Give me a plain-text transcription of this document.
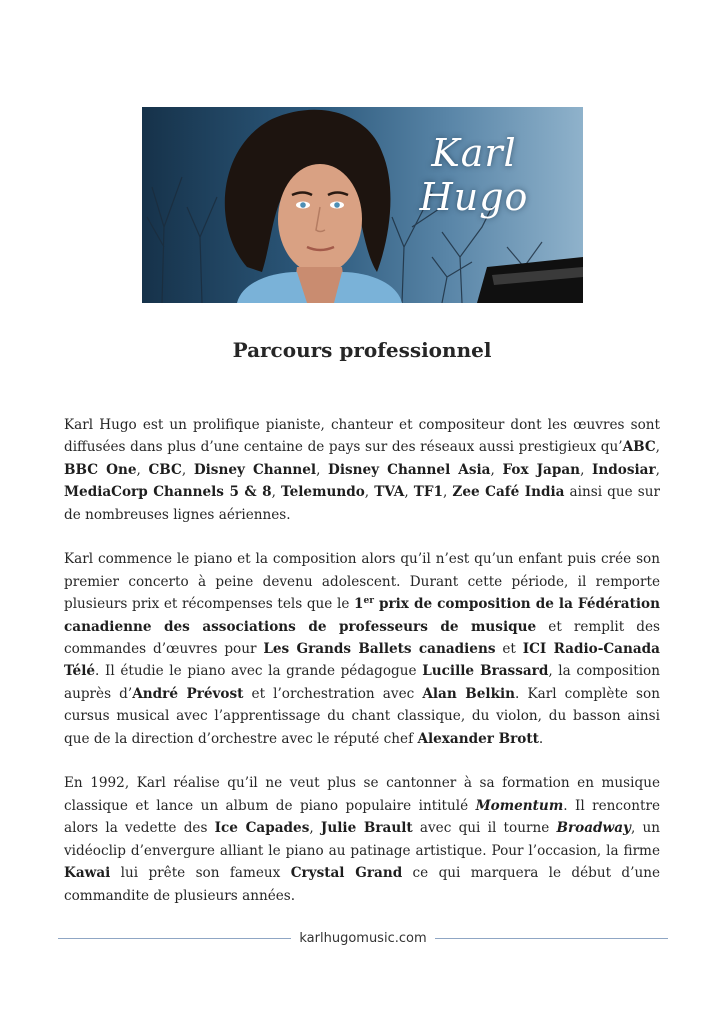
Karl Hugo
Parcours professionnel

Karl Hugo est un prolifique pianiste, chanteur et compositeur dont les œuvres sont diffusées dans plus d’une centaine de pays sur des réseaux aussi prestigieux qu’ABC, BBC One, CBC, Disney Channel, Disney Channel Asia, Fox Japan, Indosiar, MediaCorp Channels 5 & 8, Telemundo, TVA, TF1, Zee Café India ainsi que sur de nombreuses lignes aériennes.

Karl commence le piano et la composition alors qu’il n’est qu’un enfant puis crée son premier concerto à peine devenu adolescent. Durant cette période, il remporte plusieurs prix et récompenses tels que le 1er prix de composition de la Fédération canadienne des associations de professeurs de musique et remplit des commandes d’œuvres pour Les Grands Ballets canadiens et ICI Radio-Canada Télé. Il étudie le piano avec la grande pédagogue Lucille Brassard, la composition auprès d’André Prévost et l’orchestration avec Alan Belkin. Karl complète son cursus musical avec l’apprentissage du chant classique, du violon, du basson ainsi que de la direction d’orchestre avec le réputé chef Alexander Brott.

En 1992, Karl réalise qu’il ne veut plus se cantonner à sa formation en musique classique et lance un album de piano populaire intitulé Momentum. Il rencontre alors la vedette des Ice Capades, Julie Brault avec qui il tourne Broadway, un vidéoclip d’envergure alliant le piano au patinage artistique. Pour l’occasion, la firme Kawai lui prête son fameux Crystal Grand ce qui marquera le début d’une commandite de plusieurs années.

karlhugomusic.com
